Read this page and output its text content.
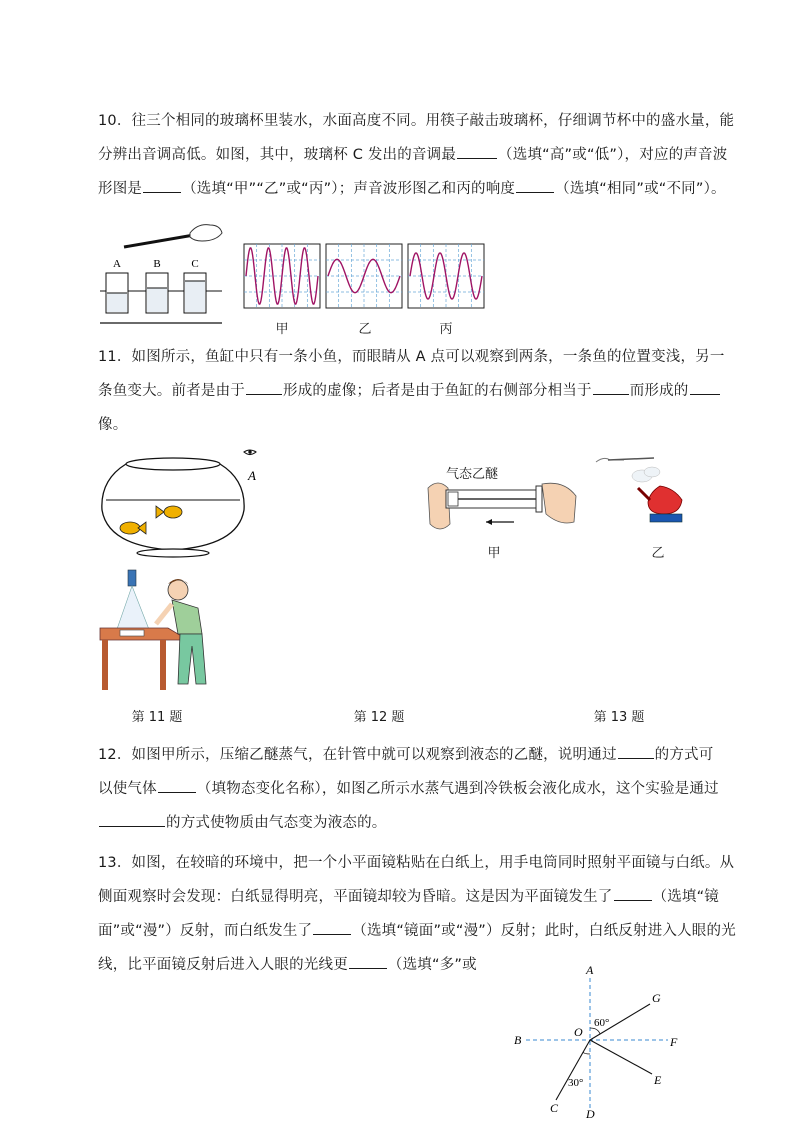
10．往三个相同的玻璃杯里装水，水面高度不同。用筷子敲击玻璃杯，仔细调节杯中的盛水量，能
分辨出音调高低。如图，其中，玻璃杯 C 发出的音调最	（选填“高”或“低”），对应的声音波
形图是	（选填“甲”“乙”或“丙”）；声音波形图乙和丙的响度	（选填“相同”或“不同”）。
A	B	C
甲	乙	丙
11．如图所示，鱼缸中只有一条小鱼，而眼睛从 A 点可以观察到两条，一条鱼的位置变浅，另一
条鱼变大。前者是由于	形成的虚像；后者是由于鱼缸的右侧部分相当于	而形成的
像。
A	气态乙醚
甲	乙
第 11 题	第 12 题	第 13 题
12．如图甲所示，压缩乙醚蒸气，在针管中就可以观察到液态的乙醚，说明通过	的方式可
以使气体	（填物态变化名称），如图乙所示水蒸气遇到冷铁板会液化成水，这个实验是通过
的方式使物质由气态变为液态的。
13．如图，在较暗的环境中，把一个小平面镜粘贴在白纸上，用手电筒同时照射平面镜与白纸。从
侧面观察时会发现：白纸显得明亮，平面镜却较为昏暗。这是因为平面镜发生了	（选填“镜
面”或“漫”）反射，而白纸发生了	（选填“镜面”或“漫”）反射；此时，白纸反射进入人眼的光
线，比平面镜反射后进入人眼的光线更	（选填“多”或	A
B
C D
E
F
G
O
60°
30°
